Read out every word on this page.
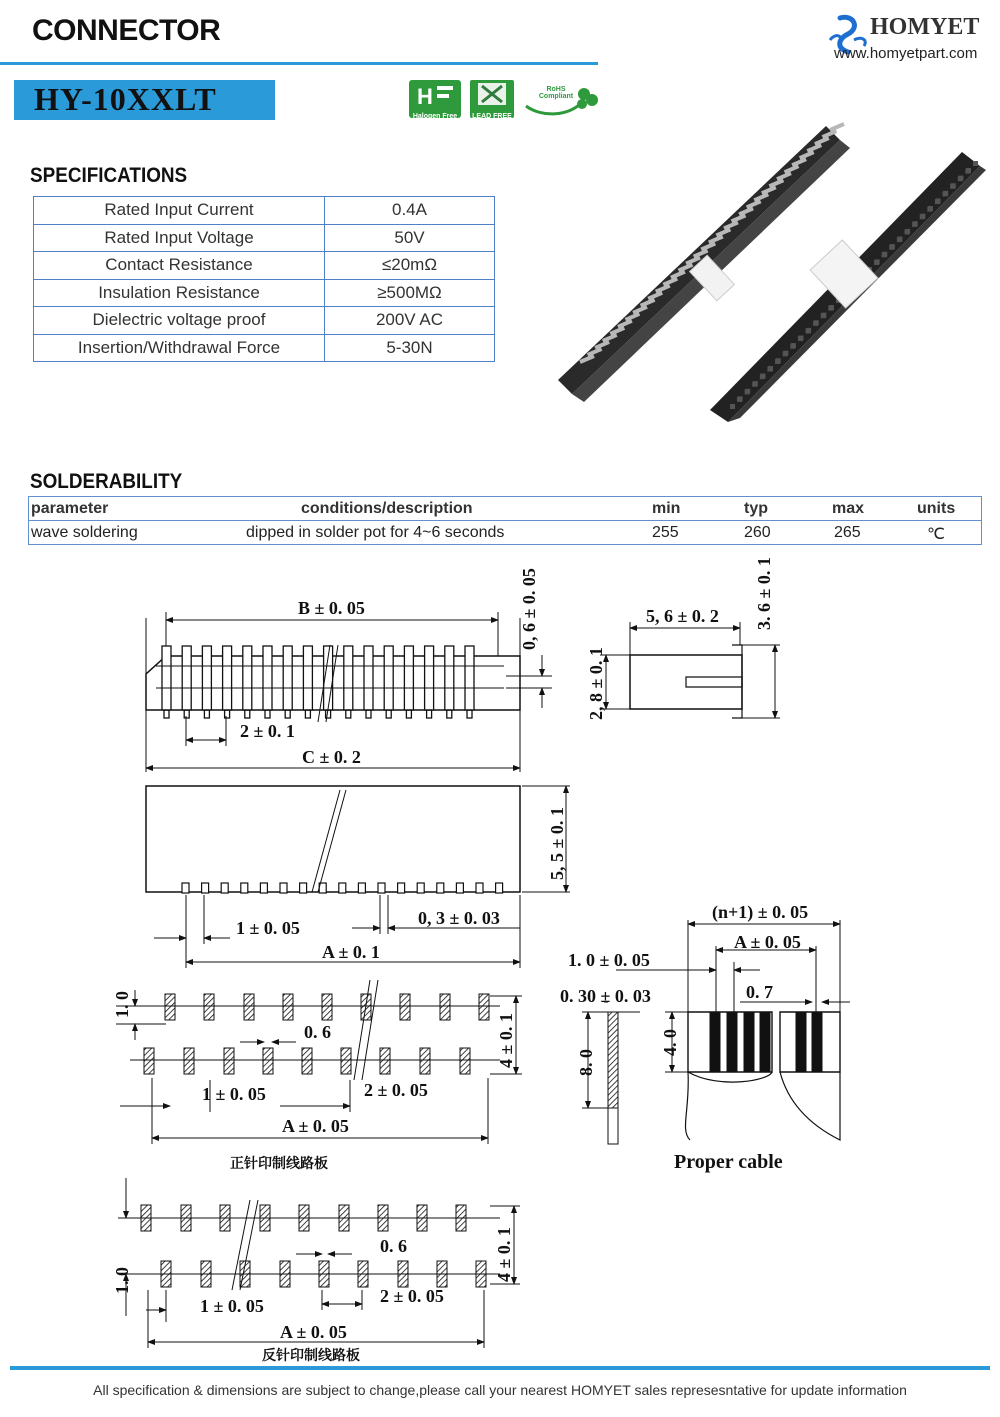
CONNECTOR
HY-10XXLT
HOMYET
www.homyetpart.com
H
Halogen Free	LEAD FREE
RoHS Compliant
SPECIFICATIONS
Rated Input Current	0.4A
Rated Input Voltage	50V
Contact Resistance	≤20mΩ
Insulation Resistance	≥500MΩ
Dielectric voltage proof	200V AC
Insertion/Withdrawal Force	5-30N
SOLDERABILITY
parameter	conditions/description	min	typ	max	units
wave soldering	dipped in solder pot for 4~6 seconds	255	260	265	℃
B ± 0. 05
C ± 0. 2
2 ± 0. 1
0, 6 ± 0. 05	5, 6 ± 0. 2 3. 6 ± 0. 1
2, 8 ± 0. 1
5, 5 ± 0. 1
1 ± 0. 05	0, 3 ± 0. 03
A ± 0. 1
1. 0
0. 6	4 ± 0. 1
1 ± 0. 05	2 ± 0. 05
A ± 0. 05
正针印制线路板
0. 6
1. 0	4 ± 0. 1
1 ± 0. 05	2 ± 0. 05
A ± 0. 05
反针印制线路板
(n+1) ± 0. 05
A ± 0. 05
1. 0 ± 0. 05
0. 30 ± 0. 03	0. 7
8. 0
4. 0
Proper cable
All specification & dimensions are subject to change,please call your nearest HOMYET sales represesntative for update information
